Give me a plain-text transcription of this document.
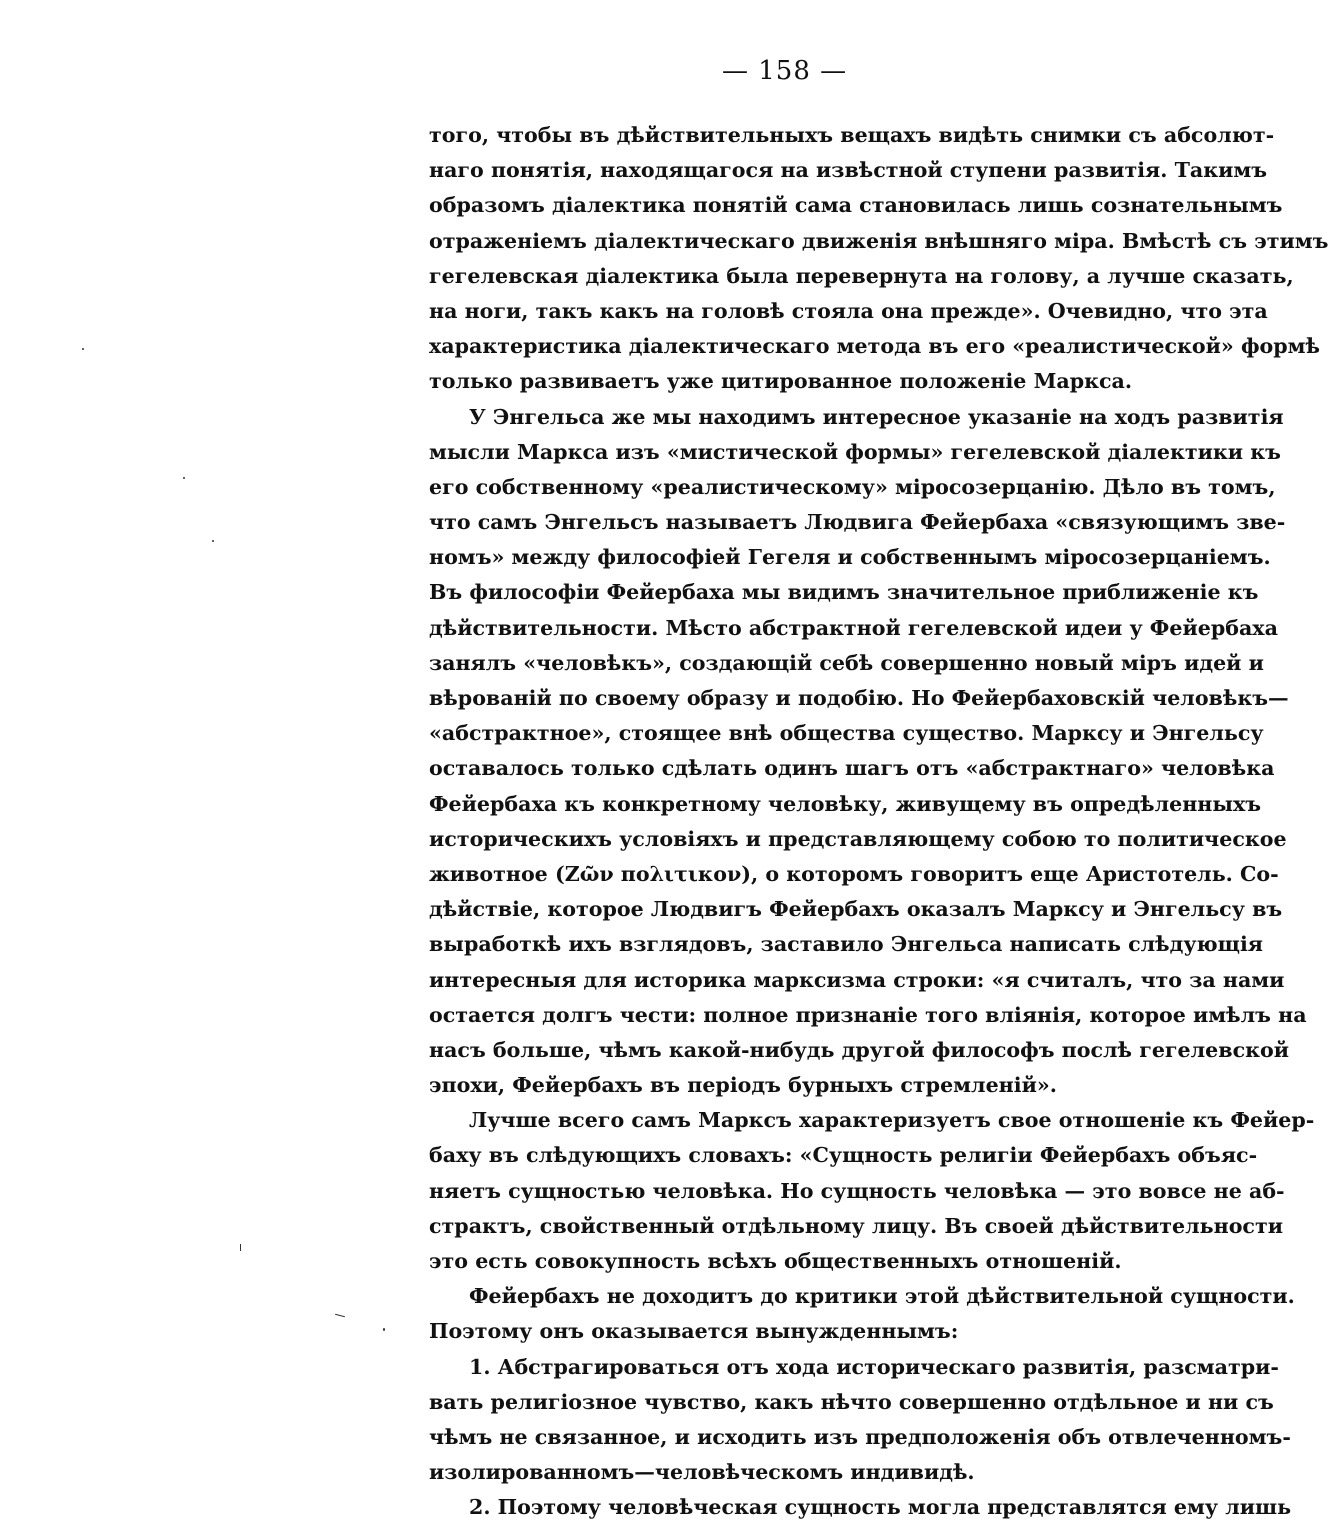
— 158 —
того, чтобы въ дѣйствительныхъ вещахъ видѣть снимки съ абсолют-
наго понятія, находящагося на извѣстной ступени развитія. Такимъ
образомъ діалектика понятій сама становилась лишь сознательнымъ
отраженіемъ діалектическаго движенія внѣшняго міра. Вмѣстѣ съ этимъ
гегелевская діалектика была перевернута на голову, а лучше сказать,
на ноги, такъ какъ на головѣ стояла она прежде». Очевидно, что эта
характеристика діалектическаго метода въ его «реалистической» формѣ
только развиваетъ уже цитированное положеніе Маркса.
У Энгельса же мы находимъ интересное указаніе на ходъ развитія
мысли Маркса изъ «мистической формы» гегелевской діалектики къ
его собственному «реалистическому» міросозерцанію. Дѣло въ томъ,
что самъ Энгельсъ называетъ Людвига Фейербаха «связующимъ зве-
номъ» между философіей Гегеля и собственнымъ міросозерцаніемъ.
Въ философіи Фейербаха мы видимъ значительное приближеніе къ
дѣйствительности. Мѣсто абстрактной гегелевской идеи у Фейербаха
занялъ «человѣкъ», создающій себѣ совершенно новый міръ идей и
вѣрованій по своему образу и подобію. Но Фейербаховскій человѣкъ—
«абстрактное», стоящее внѣ общества существо. Марксу и Энгельсу
оставалось только сдѣлать одинъ шагъ отъ «абстрактнаго» человѣка
Фейербаха къ конкретному человѣку, живущему въ опредѣленныхъ
историческихъ условіяхъ и представляющему собою то политическое
животное (Ζῶν πολιτικον), о которомъ говоритъ еще Аристотель. Со-
дѣйствіе, которое Людвигъ Фейербахъ оказалъ Марксу и Энгельсу въ
выработкѣ ихъ взглядовъ, заставило Энгельса написать слѣдующія
интересныя для историка марксизма строки: «я считалъ, что за нами
остается долгъ чести: полное признаніе того вліянія, которое имѣлъ на
насъ больше, чѣмъ какой-нибудь другой философъ послѣ гегелевской
эпохи, Фейербахъ въ періодъ бурныхъ стремленій».
Лучше всего самъ Марксъ характеризуетъ свое отношеніе къ Фейер-
баху въ слѣдующихъ словахъ: «Сущность религіи Фейербахъ объяс-
няетъ сущностью человѣка. Но сущность человѣка — это вовсе не аб-
страктъ, свойственный отдѣльному лицу. Въ своей дѣйствительности
это есть совокупность всѣхъ общественныхъ отношеній.
Фейербахъ не доходитъ до критики этой дѣйствительной сущности.
Поэтому онъ оказывается вынужденнымъ:
1. Абстрагироваться отъ хода историческаго развитія, разсматри-
вать религіозное чувство, какъ нѣчто совершенно отдѣльное и ни съ
чѣмъ не связанное, и исходить изъ предположенія объ отвлеченномъ-
изолированномъ—человѣческомъ индивидѣ.
2. Поэтому человѣческая сущность могла представлятся ему лишь
